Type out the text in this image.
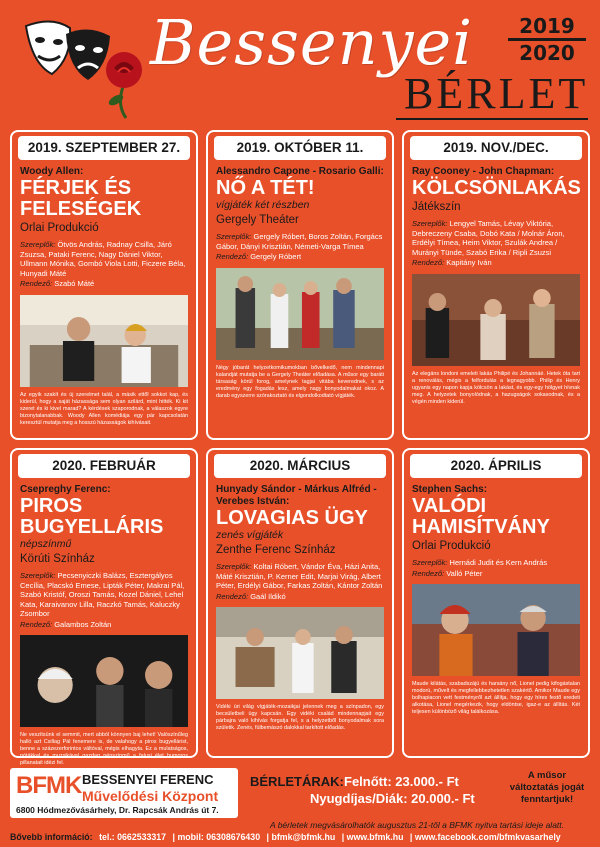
Bessenyei	2019
2020
BÉRLET
2019. SZEPTEMBER 27.
Woody Allen:
FÉRJEK ÉS FELESÉGEK
Orlai Produkció
Szereplők: Ötvös András, Radnay Csilla, Járó Zsuzsa, Pataki Ferenc, Nagy Dániel Viktor, Ullmann Mónika, Gombó Viola Lotti, Ficzere Béla, Hunyadi Máté
Rendező: Szabó Máté
Az egyik szakít és új szerelmet talál, a másik ettől sokkot kap, és kiderül, hogy a saját házassága sem olyan szilárd, mint hitték. Ki kit szeret és ki kivel marad? A kérdések szaporodnak, a válaszok egyre bizonytalanabbak. Woody Allen komédiája egy pár kapcsolatán keresztül mutatja meg a hosszú házasságok kihívásait.
2019. OKTÓBER 11.
Alessandro Capone - Rosario Galli:
NŐ A TÉT!
vígjáték két részben
Gergely Theáter
Szereplők: Gergely Róbert, Boros Zoltán, Forgács Gábor, Dányi Krisztián, Németi-Varga Tímea
Rendező: Gergely Róbert
Négy jóbarát helyzetkomikumokban bővelkedő, nem mindennapi kalandját mutatja be a Gergely Theáter előadása. A műsor egy baráti társaság körül forog, amelynek tagjai vitába keverednek, s az eredmény egy fogadás lesz, amely nagy bonyodalmakat okoz. A darab egyszerre szórakoztató és elgondolkodtató vígjáték.
2019. NOV./DEC.
Ray Cooney - John Chapman:
KÖLCSÖNLAKÁS
Játékszín
Szereplők: Lengyel Tamás, Lévay Viktória, Debreczeny Csaba, Dobó Kata / Molnár Áron, Erdélyi Tímea, Heim Viktor, Szulák Andrea / Murányi Tünde, Szabó Erika / Ripli Zsuzsi
Rendező: Kapitány Iván
Az elegáns londoni emeleti lakás Philipé és Johannáé. Hetek óta tart a renoválás, mégis a felfordulás a legnagyobb. Philip és Henry ugyanis egy napon kapja kölcsön a lakást, és egy-egy hölgyet hívnak meg. A helyzetek bonyolódnak, a hazugságok sokasodnak, és a végén minden kiderül.
2020. FEBRUÁR
Csepreghy Ferenc:
PIROS BUGYELLÁRIS
népszínmű
Körúti Színház
Szereplők: Pecsenyiczki Balázs, Esztergályos Cecília, Placskó Emese, Lipták Péter, Makrai Pál, Szabó Kristóf, Oroszi Tamás, Kozel Dániel, Lehel Kata, Karaivanov Lilla, Raczkó Tamás, Kaluczky Zsombor
Rendező: Galambos Zoltán
Ne veszítsünk el semmit, mert abból könnyen baj lehet! Valószínűleg halló azt Csillag Pál fenemere is, de valahogy a piros bugyellárist, benne a százezerforintos váltóval, mégis elhagyta. Ez a mulatságos, nótákkal és muzsikával gazdag népszínmű a falusi élet humoros pillanatait idézi fel.
2020. MÁRCIUS
Hunyady Sándor - Márkus Alfréd - Verebes István:
LOVAGIAS ÜGY
zenés vígjáték
Zenthe Ferenc Színház
Szereplők: Koltai Róbert, Vándor Éva, Házi Anita, Máté Krisztián, P. Kerner Edit, Marjai Virág, Albert Péter, Erdélyi Gábor, Farkas Zoltán, Kántor Zoltán
Rendező: Gaál Ildikó
Vidéki úri világ vígjáték-mozaikjai jelennek meg a színpadon, egy becsületbeli ügy kapcsán. Egy vidéki család mindennapjait egy párbajra való kihívás forgatja fel, s a helyzetből bonyodalmak sora születik. Zenés, fülbemászó dalokkal tarkított előadás.
2020. ÁPRILIS
Stephen Sachs:
VALÓDI HAMISÍTVÁNY
Orlai Produkció
Szereplők: Hernádi Judit és Kern András
Rendező: Valló Péter
Maude kilátás, szabadszájú és harsány nő, Lionel pedig kifogástalan modorú, művelt és megfellebbezhetetlen szakértő. Amikor Maude egy bolhapiacon vett festményről azt állítja, hogy egy híres festő eredeti alkotása, Lionel megérkezik, hogy eldöntse, igaz-e az állítás. Két teljesen különböző világ találkozása.
BFMK BESSENYEI FERENC
Művelődési Központ
6800 Hódmezővásárhely, Dr. Rapcsák András út 7.
BÉRLETÁRAK: Felnőtt: 23.000.- Ft
Nyugdíjas/Diák: 20.000.- Ft
A műsor változtatás jogát fenntartjuk!
A bérletek megvásárolhatók augusztus 21-től a BFMK nyitva tartási ideje alatt.
Bővebb információ: tel.: 0662533317 | mobil: 06308676430 | bfmk@bfmk.hu | www.bfmk.hu | www.facebook.com/bfmkvasarhely
